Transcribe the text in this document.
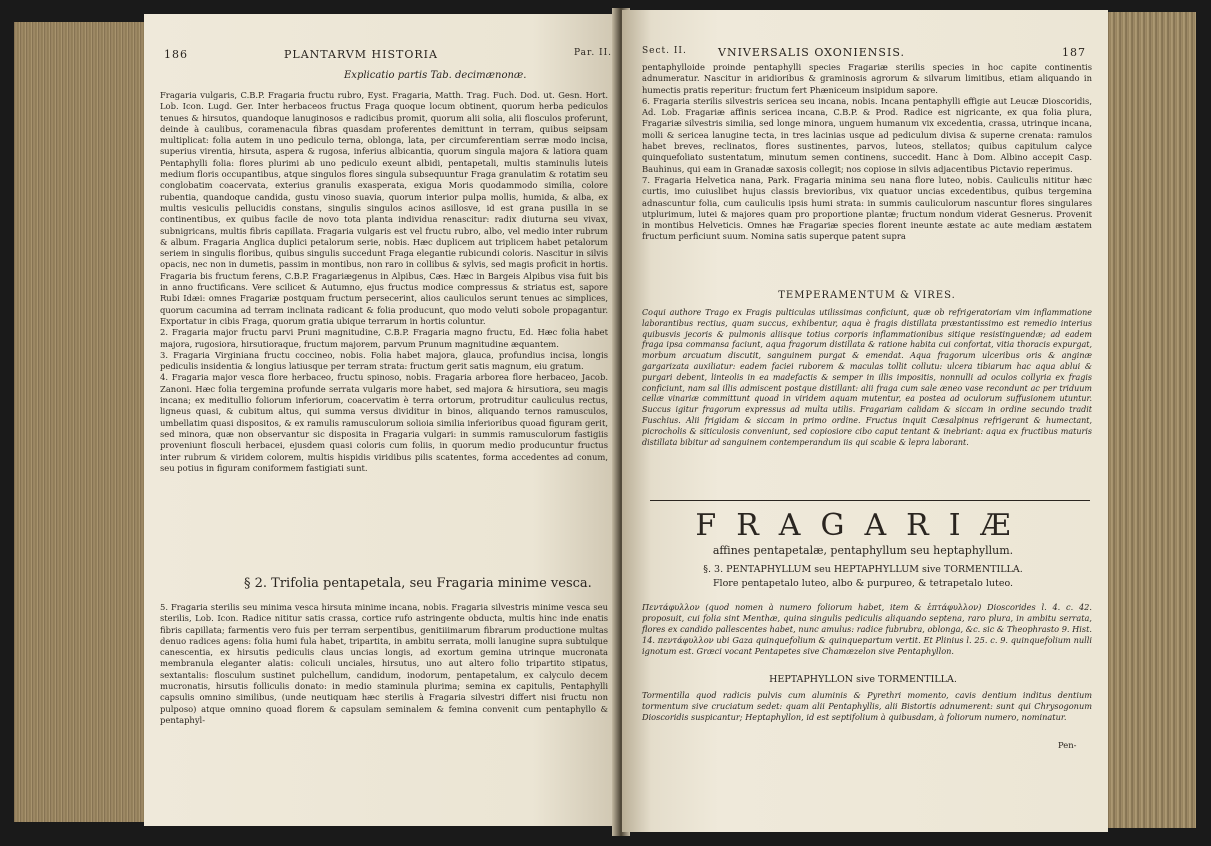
186	PLANTARVM HISTORIA	Par. II.
Explicatio partis Tab. decimænonæ.

Fragaria vulgaris, C.B.P. Fragaria fructu rubro, Eyst. Fragaria, Matth. Trag. Fuch. Dod. ut. Gesn. Hort. Lob. Icon. Lugd. Ger. Inter herbaceos fructus Fraga quoque locum obtinent, quorum herba pediculos tenues & hirsutos, quandoque lanuginosos e radicibus promit, quorum alii solia, alii flosculos proferunt, deinde à caulibus, coramenacula fibras quasdam proferentes demittunt in terram, quibus seipsam multiplicat: folia autem in uno pediculo terna, oblonga, lata, per circumferentiam serræ modo incisa, superius virentia, hirsuta, aspera & rugosa, inferius albicantia, quorum singula majora & latiora quam Pentaphylli folia: flores plurimi ab uno pediculo exeunt albidi, pentapetali, multis staminulis luteis medium floris occupantibus, atque singulos flores singula subsequuntur Fraga granulatim & rotatim seu conglobatim coacervata, exterius granulis exasperata, exigua Moris quodammodo similia, colore rubentia, quandoque candida, gustu vinoso suavia, quorum interior pulpa mollis, humida, & alba, ex multis vesiculis pellucidis constans, singulis singulos acinos asillosve, id est grana pusilla in se continentibus, ex quibus facile de novo tota planta individua renascitur: radix diuturna seu vivax, subnigricans, multis fibris capillata. Fragaria vulgaris est vel fructu rubro, albo, vel medio inter rubrum & album. Fragaria Anglica duplici petalorum serie, nobis. Hæc duplicem aut triplicem habet petalorum seriem in singulis floribus, quibus singulis succedunt Fraga elegantie rubicundi coloris. Nascitur in silvis opacis, nec non in dumetis, passim in montibus, non raro in collibus & sylvis, sed magis proficit in hortis. Fragaria bis fructum ferens, C.B.P. Fragariægenus in Alpibus, Cæs. Hæc in Bargeis Alpibus visa fuit bis in anno fructificans. Vere scilicet & Autumno, ejus fructus modice compressus & striatus est, sapore Rubi Idæi: omnes Fragariæ postquam fructum persecerint, alios cauliculos serunt tenues ac simplices, quorum cacumina ad terram inclinata radicant & folia producunt, quo modo veluti sobole propagantur. Exportatur in cibis Fraga, quorum gratia ubique terrarum in hortis coluntur.

2. Fragaria major fructu parvi Pruni magnitudine, C.B.P. Fragaria magno fructu, Ed. Hæc folia habet majora, rugosiora, hirsutioraque, fructum majorem, parvum Prunum magnitudine æquantem.

3. Fragaria Virginiana fructu coccineo, nobis. Folia habet majora, glauca, profundius incisa, longis pediculis insidentia & longius latiusque per terram strata: fructum gerit satis magnum, eiu gratum.

4. Fragaria major vesca flore herbaceo, fructu spinoso, nobis. Fragaria arborea flore herbaceo, Jacob. Zanoni. Hæc folia tergemina profunde serrata vulgaris more habet, sed majora & hirsutiora, seu magis incana; ex meditullio foliorum inferiorum, coacervatim è terra ortorum, protruditur cauliculus rectus, ligneus quasi, & cubitum altus, qui summa versus dividitur in binos, aliquando ternos ramusculos, umbellatim quasi dispositos, & ex ramulis ramusculorum solioia similia inferioribus quoad figuram gerit, sed minora, quæ non observantur sic disposita in Fragaria vulgari: in summis ramusculorum fastigiis proveniunt flosculi herbacei, ejusdem quasi coloris cum foliis, in quorum medio producuntur fructus inter rubrum & viridem colorem, multis hispidis viridibus pilis scatentes, forma accedentes ad conum, seu potius in figuram coniformem fastigiati sunt.

§ 2. Trifolia pentapetala, seu Fragaria minime vesca.

5. Fragaria sterilis seu minima vesca hirsuta minime incana, nobis. Fragaria silvestris minime vesca seu sterilis, Lob. Icon. Radice nititur satis crassa, cortice rufo astringente obducta, multis hinc inde enatis fibris capillata; farmentis vero fuis per terram serpentibus, genitiiimarum fibrarum productione multas denuo radices agens: folia humi fula habet, tripartita, in ambitu serrata, molli lanugine supra subtulque canescentia, ex hirsutis pediculis claus uncias longis, ad exortum gemina utrinque mucronata membranula eleganter alatis: coliculi unciales, hirsutus, uno aut altero folio tripartito stipatus, sextantalis: flosculum sustinet pulchellum, candidum, inodorum, pentapetalum, ex calyculo decem mucronatis, hirsutis folliculis donato: in medio staminula plurima; semina ex capitulis, Pentaphylli capsulis omnino similibus, (unde neutiquam hæc sterilis à Fragaria silvestri differt nisi fructu non pulposo) atque omnino quoad florem & capsulam seminalem & femina convenit cum pentaphyllo & pentaphyl-

Sect. II.	VNIVERSALIS OXONIENSIS.	187

pentaphylloide proinde pentaphylli species Fragariæ sterilis species in hoc capite continentis adnumeratur. Nascitur in aridioribus & graminosis agrorum & silvarum limitibus, etiam aliquando in humectis pratis reperitur: fructum fert Phæniceum insipidum sapore.

6. Fragaria sterilis silvestris sericea seu incana, nobis. Incana pentaphylli effigie aut Leucæ Dioscoridis, Ad. Lob. Fragariæ affinis sericea incana, C.B.P. & Prod. Radice est nigricante, ex qua folia plura, Fragariæ silvestris similia, sed longe minora, unguem humanum vix excedentia, crassa, utrinque incana, molli & sericea lanugine tecta, in tres lacinias usque ad pediculum divisa & superne crenata: ramulos habet breves, reclinatos, flores sustinentes, parvos, luteos, stellatos; quibus capitulum calyce quinquefoliato sustentatum, minutum semen continens, succedit. Hanc à Dom. Albino accepit Casp. Bauhinus, qui eam in Granadæ saxosis collegit; nos copiose in silvis adjacentibus Pictavio reperimus.

7. Fragaria Helvetica nana, Park. Fragaria minima seu nana flore luteo, nobis. Cauliculis nititur hæc curtis, imo cuiuslibet hujus classis brevioribus, vix quatuor uncias excedentibus, quibus tergemina adnascuntur folia, cum cauliculis ipsis humi strata: in summis cauliculorum nascuntur flores singulares utplurimum, lutei & majores quam pro proportione plantæ; fructum nondum viderat Gesnerus. Provenit in montibus Helveticis. Omnes hæ Fragariæ species florent ineunte æstate ac aute mediam æstatem fructum perficiunt suum. Nomina satis superque patent supra

TEMPERAMENTUM & VIRES.
Coqui authore Trago ex Fragis pulticulas utilissimas conficiunt, quæ ob refrigeratoriam vim inflammatione laborantibus rectius, quam succus, exhibentur, aqua è fragis distillata præstantissimo est remedio interius quibusvis jecoris & pulmonis aliisque totius corporis inflammationibus sitique resistinguendæ; ad eadem fraga ipsa commansa faciunt, aqua fragorum distillata & ratione habita cui confortat, vitia thoracis expurgat, morbum arcuatum discutit, sanguinem purgat & emendat. Aqua fragorum ulceribus oris & anginæ gargarizata auxiliatur: eadem faciei ruborem & maculas tollit collutu: ulcera tibiarum hac aqua ablui & purgari debent, linteolis in ea madefactis & semper in illis impositis, nonnulli ad oculos collyria ex fragis conficiunt, nam sal illis admiscent postque distillant: alii fraga cum sale æneo vase recondunt ac per triduum cellæ vinariæ committunt quoad in viridem aquam mutentur, ea postea ad oculorum suffusionem utuntur. Succus igitur fragorum expressus ad multa utilis. Fragariam calidam & siccam in ordine secundo tradit Fuschius. Alii frigidam & siccam in primo ordine. Fructus inquit Cæsalpinus refrigerant & humectant, picrocholis & siticulosis conveniunt, sed copiosiore cibo caput tentant & inebriant: aqua ex fructibus maturis distillata bibitur ad sanguinem contemperandum iis qui scabie & lepra laborant.
FRAGARIÆ
affines pentapetalæ, pentaphyllum seu heptaphyllum.
§. 3. PENTAPHYLLUM seu HEPTAPHYLLUM sive TORMENTILLA.
Flore pentapetalo luteo, albo & purpureo, & tetrapetalo luteo.
Πεντάφυλλον (quod nomen à numero foliorum habet, item & ἑπτάφυλλον) Dioscorides l. 4. c. 42. proposuit, cui folia sint Menthæ, quina singulis pediculis aliquando septena, raro plura, in ambitu serrata, flores ex candido pallescentes habet, nunc amulus: radice fubrubra, oblonga, &c. sic & Theophrasto 9. Hist. 14. πεντάφυλλον ubi Gaza quinquefolium & quinquepartum vertit. Et Plinius l. 25. c. 9. quinquefolium nulli ignotum est. Græci vocant Pentapetes sive Chamæzelon sive Pentaphyllon.
HEPTAPHYLLON sive TORMENTILLA.
Tormentilla quod radicis pulvis cum aluminis & Pyrethri momento, cavis dentium inditus dentium tormentum sive cruciatum sedet: quam alii Pentaphyllis, alii Bistortis adnumerent: sunt qui Chrysogonum Dioscoridis suspicantur; Heptaphyllon, id est septifolium à quibusdam, à foliorum numero, nominatur.
Pen-
